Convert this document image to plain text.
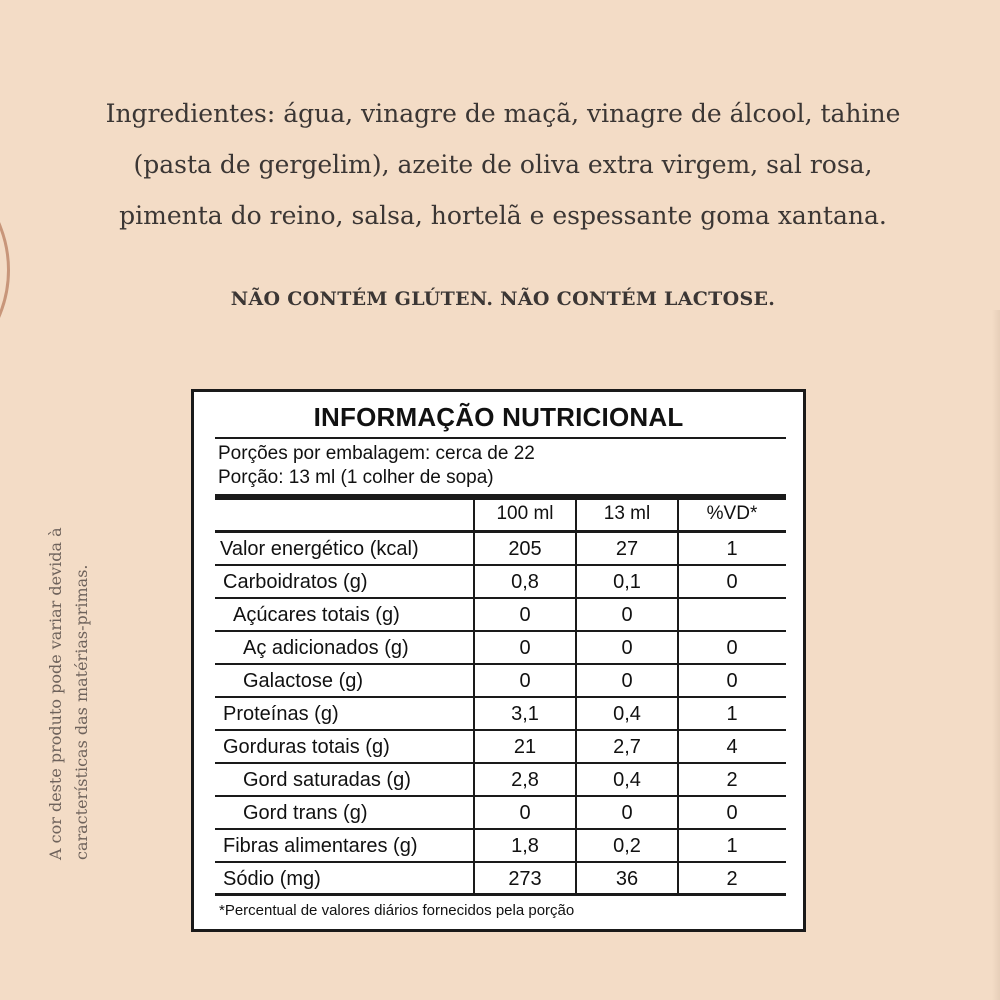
Ingredientes: água, vinagre de maçã, vinagre de álcool, tahine
(pasta de gergelim), azeite de oliva extra virgem, sal rosa,
pimenta do reino, salsa, hortelã e espessante goma xantana.
NÃO CONTÉM GLÚTEN. NÃO CONTÉM LACTOSE.
A cor deste produto pode variar devida à características das matérias-primas.
INFORMAÇÃO NUTRICIONAL
Porções por embalagem: cerca de 22
Porção: 13 ml (1 colher de sopa)
100 ml	13 ml	%VD*
Valor energético (kcal)	205	27	1
Carboidratos (g)	0,8	0,1	0
Açúcares totais (g)	0	0
Aç adicionados (g)	0	0	0
Galactose (g)	0	0	0
Proteínas (g)	3,1	0,4	1
Gorduras totais (g)	21	2,7	4
Gord saturadas (g)	2,8	0,4	2
Gord trans (g)	0	0	0
Fibras alimentares (g)	1,8	0,2	1
Sódio (mg)	273	36	2
*Percentual de valores diários fornecidos pela porção
